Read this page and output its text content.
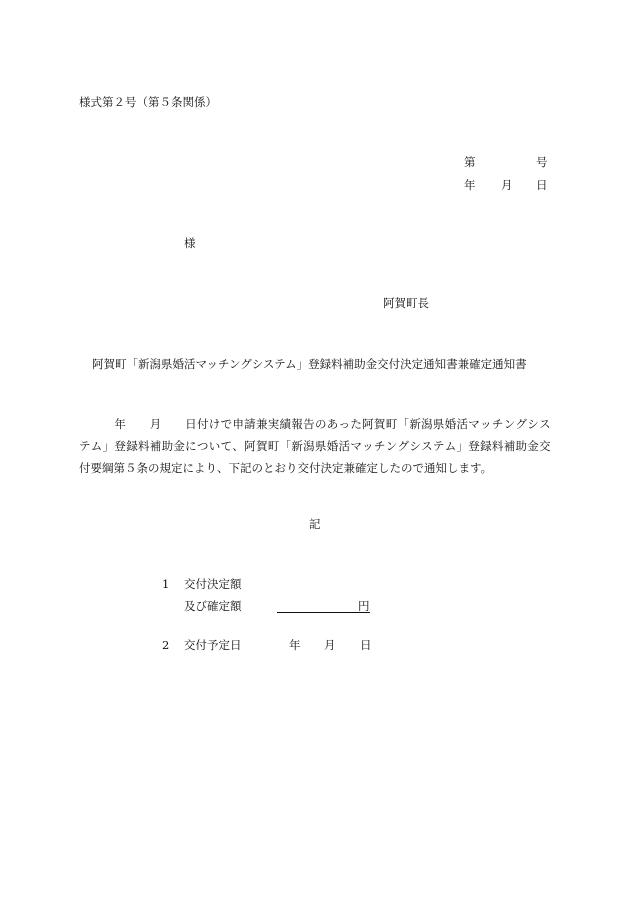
様式第２号（第５条関係）
第	号
年 月 日
様
阿賀町長
阿賀町「新潟県婚活マッチングシステム」登録料補助金交付決定通知書兼確定通知書

年

　 月

　 日 付 け で 申 請 兼 実 績 報 告 の あ っ た 阿 賀 町 「 新 潟 県 婚 活 マ ッ チ ン グ シ ス
テ ム 」 登 録 料 補 助 金 に つ い て 、 阿 賀 町 「 新 潟 県 婚 活 マ ッ チ ン グ シ ス テ ム 」 登 録 料 補 助 金 交
付要綱第５条の規定により、下記のとおり交付決定兼確定したので通知します。
記
1 交付決定額
及び確定額	円
2 交付予定日	年 月 日
